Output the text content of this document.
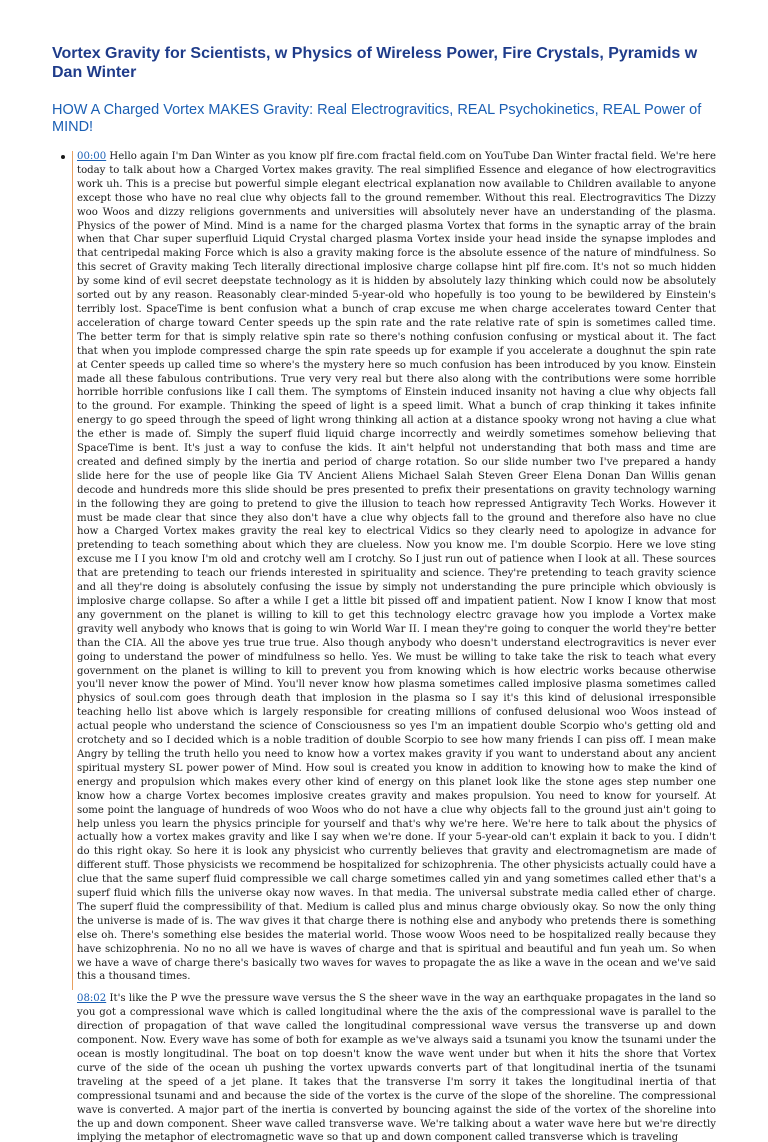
Vortex Gravity for Scientists, w Physics of Wireless Power, Fire Crystals, Pyramids w Dan Winter
HOW A Charged Vortex MAKES Gravity: Real Electrogravitics, REAL Psychokinetics, REAL Power of MIND!
00:00 Hello again I'm Dan Winter as you know plf fire.com fractal field.com on YouTube Dan Winter fractal field. We're here today to talk about how a Charged Vortex makes gravity. The real simplified Essence and elegance of how electrogravitics work uh. This is a precise but powerful simple elegant electrical explanation now available to Children available to anyone except those who have no real clue why objects fall to the ground remember. Without this real. Electrogravitics The Dizzy woo Woos and dizzy religions governments and universities will absolutely never have an understanding of the plasma. Physics of the power of Mind. Mind is a name for the charged plasma Vortex that forms in the synaptic array of the brain when that Char super superfluid Liquid Crystal charged plasma Vortex inside your head inside the synapse implodes and that centripedal making Force which is also a gravity making force is the absolute essence of the nature of mindfulness. So this secret of Gravity making Tech literally directional implosive charge collapse hint plf fire.com. It's not so much hidden by some kind of evil secret deepstate technology as it is hidden by absolutely lazy thinking which could now be absolutely sorted out by any reason. Reasonably clear-minded 5-year-old who hopefully is too young to be bewildered by Einstein's terribly lost. SpaceTime is bent confusion what a bunch of crap excuse me when charge accelerates toward Center that acceleration of charge toward Center speeds up the spin rate and the rate relative rate of spin is sometimes called time. The better term for that is simply relative spin rate so there's nothing confusion confusing or mystical about it. The fact that when you implode compressed charge the spin rate speeds up for example if you accelerate a doughnut the spin rate at Center speeds up called time so where's the mystery here so much confusion has been introduced by you know. Einstein made all these fabulous contributions. True very very real but there also along with the contributions were some horrible horrible horrible confusions like I call them. The symptoms of Einstein induced insanity not having a clue why objects fall to the ground. For example. Thinking the speed of light is a speed limit. What a bunch of crap thinking it takes infinite energy to go speed through the speed of light wrong thinking all action at a distance spooky wrong not having a clue what the ether is made of. Simply the superf fluid liquid charge incorrectly and weirdly sometimes somehow believing that SpaceTime is bent. It's just a way to confuse the kids. It ain't helpful not understanding that both mass and time are created and defined simply by the inertia and period of charge rotation. So our slide number two I've prepared a handy slide here for the use of people like Gia TV Ancient Aliens Michael Salah Steven Greer Elena Donan Dan Willis genan decode and hundreds more this slide should be pres presented to prefix their presentations on gravity technology warning in the following they are going to pretend to give the illusion to teach how repressed Antigravity Tech Works. However it must be made clear that since they also don't have a clue why objects fall to the ground and therefore also have no clue how a Charged Vortex makes gravity the real key to electrical Vidics so they clearly need to apologize in advance for pretending to teach something about which they are clueless. Now you know me. I'm double Scorpio. Here we love sting excuse me I I you know I'm old and crotchy well am I crotchy. So I just run out of patience when I look at all. These sources that are pretending to teach our friends interested in spirituality and science. They're pretending to teach gravity science and all they're doing is absolutely confusing the issue by simply not understanding the pure principle which obviously is implosive charge collapse. So after a while I get a little bit pissed off and impatient patient. Now I know I know that most any government on the planet is willing to kill to get this technology electrc gravage how you implode a Vortex make gravity well anybody who knows that is going to win World War II. I mean they're going to conquer the world they're better than the CIA. All the above yes true true true. Also though anybody who doesn't understand electrogravitics is never ever going to understand the power of mindfulness so hello. Yes. We must be willing to take take the risk to teach what every government on the planet is willing to kill to prevent you from knowing which is how electric works because otherwise you'll never know the power of Mind. You'll never know how plasma sometimes called implosive plasma sometimes called physics of soul.com goes through death that implosion in the plasma so I say it's this kind of delusional irresponsible teaching hello list above which is largely responsible for creating millions of confused delusional woo Woos instead of actual people who understand the science of Consciousness so yes I'm an impatient double Scorpio who's getting old and crotchety and so I decided which is a noble tradition of double Scorpio to see how many friends I can piss off. I mean make Angry by telling the truth hello you need to know how a vortex makes gravity if you want to understand about any ancient spiritual mystery SL power power of Mind. How soul is created you know in addition to knowing how to make the kind of energy and propulsion which makes every other kind of energy on this planet look like the stone ages step number one know how a charge Vortex becomes implosive creates gravity and makes propulsion. You need to know for yourself. At some point the language of hundreds of woo Woos who do not have a clue why objects fall to the ground just ain't going to help unless you learn the physics principle for yourself and that's why we're here. We're here to talk about the physics of actually how a vortex makes gravity and like I say when we're done. If your 5-year-old can't explain it back to you. I didn't do this right okay. So here it is look any physicist who currently believes that gravity and electromagnetism are made of different stuff. Those physicists we recommend be hospitalized for schizophrenia. The other physicists actually could have a clue that the same superf fluid compressible we call charge sometimes called yin and yang sometimes called ether that's a superf fluid which fills the universe okay now waves. In that media. The universal substrate media called ether of charge. The superf fluid the compressibility of that. Medium is called plus and minus charge obviously okay. So now the only thing the universe is made of is. The wav gives it that charge there is nothing else and anybody who pretends there is something else oh. There's something else besides the material world. Those woow Woos need to be hospitalized really because they have schizophrenia. No no no all we have is waves of charge and that is spiritual and beautiful and fun yeah um. So when we have a wave of charge there's basically two waves for waves to propagate the as like a wave in the ocean and we've said this a thousand times.
08:02 It's like the P wve the pressure wave versus the S the sheer wave in the way an earthquake propagates in the land so you got a compressional wave which is called longitudinal where the the axis of the compressional wave is parallel to the direction of propagation of that wave called the longitudinal compressional wave versus the transverse up and down component. Now. Every wave has some of both for example as we've always said a tsunami you know the tsunami under the ocean is mostly longitudinal. The boat on top doesn't know the wave went under but when it hits the shore that Vortex curve of the side of the ocean uh pushing the vortex upwards converts part of that longitudinal inertia of the tsunami traveling at the speed of a jet plane. It takes that the transverse I'm sorry it takes the longitudinal inertia of that compressional tsunami and and because the side of the vortex is the curve of the slope of the shoreline. The compressional wave is converted. A major part of the inertia is converted by bouncing against the side of the vortex of the shoreline into the up and down component. Sheer wave called transverse wave. We're talking about a water wave here but we're directly implying the metaphor of electromagnetic wave so that up and down component called transverse which is traveling
